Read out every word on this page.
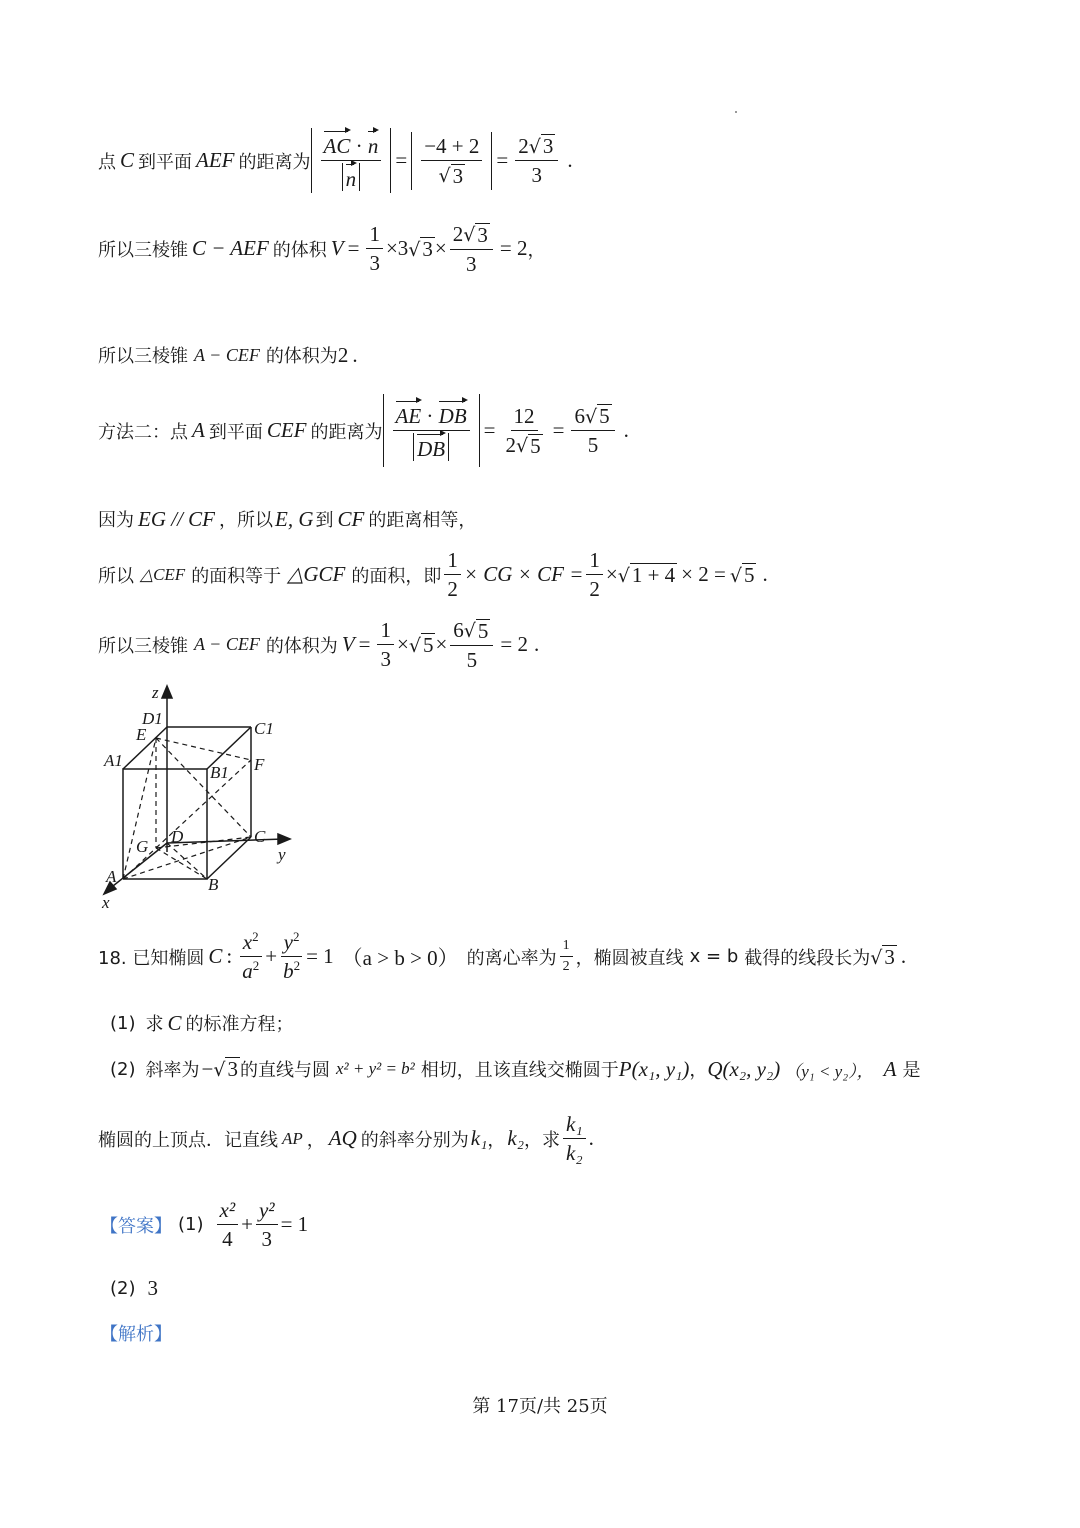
点 C 到平面 AEF 的距离为 $\frac{AC \cdot n}{n} = \frac{-4 + 2}{√ 3} = \frac{2 √ 3}{3}$ .
所以三棱锥 C − AEF 的体积 $V = \frac{1}{3} \times 3$ √ $3 \times \frac{2 √ 3}{3} = 2$ ，
所以三棱锥 A − CEF 的体积为 2 .
方法二：点 A 到平面 CEF 的距离为 $\frac{AE \cdot DB}{DB} = \frac{12}{2 √ 5} = \frac{6 √ 5}{5}$ .
因为 EG // CF ，所以 E, G 到 CF 的距离相等，
所以 △CEF 的面积等于 △GCF 的面积，即 $\frac{1}{2}$ × CG × CF = $\frac{1}{2}$ × √ 1 + 4 × 2 = √ 5 .
所以三棱锥 A − CEF 的体积为 $V = \frac{1}{3}$ × √ $5 \times \frac{6 √ 5}{5} = 2$ .
z
D1
C1
E
A1
B1 F
G
D	C
y
A	B
x
18. 已知椭圆 C : $\frac{x^2}{a^2} + \frac{y^2}{b^2} = 1$ （a > b > 0） 的离心率为 $\frac{1}{2}$ ，椭圆被直线 x = b 截得的线段长为 √ 3 .
(1) 求 C 的标准方程；
(2) 斜率为 − √ 3 的直线与圆 x² + y² = b² 相切，且该直线交椭圆于 P(x₁, y₁) ， Q(x₂, y₂) （y₁ < y₂）， A 是
椭圆的上顶点．记直线 AP ， AQ 的斜率分别为 k₁ ， k₂ ，求 $\frac{\text{k₁}}{\text{k₂}}$ .
【答案】 $(1) \frac{\text{x²}}{4} + \frac{\text{y²}}{3} = 1$
(2) 3
【解析】
第 17页/共 25页
